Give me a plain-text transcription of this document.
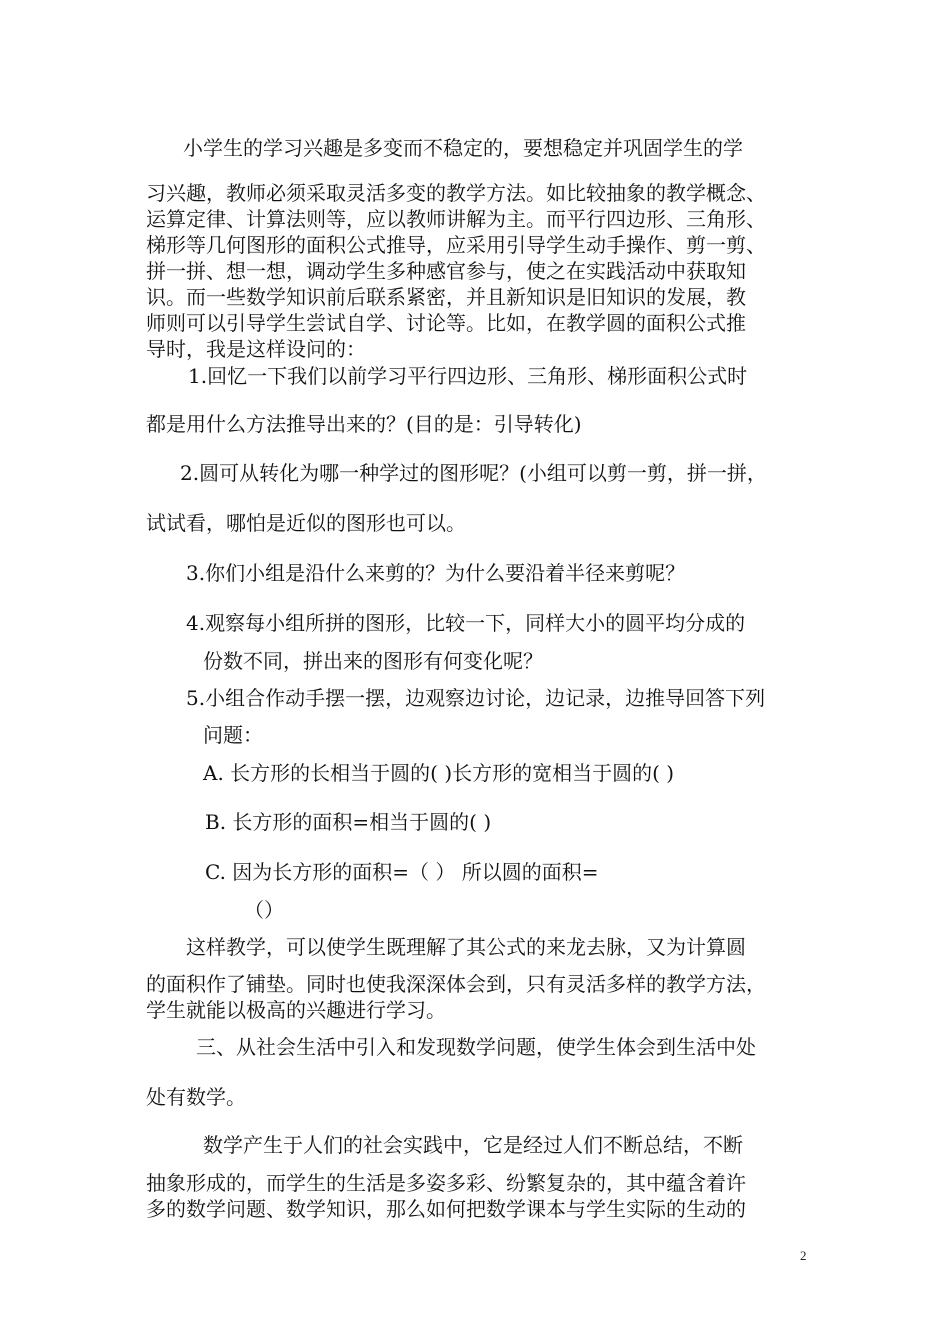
小学生的学习兴趣是多变而不稳定的，要想稳定并巩固学生的学
习兴趣，教师必须采取灵活多变的教学方法。如比较抽象的教学概念、
运算定律、计算法则等，应以教师讲解为主。而平行四边形、三角形、
梯形等几何图形的面积公式推导，应采用引导学生动手操作、剪一剪、
拼一拼、想一想，调动学生多种感官参与，使之在实践活动中获取知
识。而一些数学知识前后联系紧密，并且新知识是旧知识的发展，教
师则可以引导学生尝试自学、讨论等。比如，在教学圆的面积公式推
导时，我是这样设问的：
1.回忆一下我们以前学习平行四边形、三角形、梯形面积公式时
都是用什么方法推导出来的？(目的是：引导转化)
2.圆可从转化为哪一种学过的图形呢？(小组可以剪一剪，拼一拼，
试试看，哪怕是近似的图形也可以。
3.你们小组是沿什么来剪的？为什么要沿着半径来剪呢？
4.观察每小组所拼的图形，比较一下，同样大小的圆平均分成的
份数不同，拼出来的图形有何变化呢？
5.小组合作动手摆一摆，边观察边讨论，边记录，边推导回答下列
问题：
A. 长方形的长相当于圆的( )长方形的宽相当于圆的( )
B. 长方形的面积=相当于圆的( )
C. 因为长方形的面积=（ ） 所以圆的面积=
（）
这样教学，可以使学生既理解了其公式的来龙去脉，又为计算圆
的面积作了铺垫。同时也使我深深体会到，只有灵活多样的教学方法，
学生就能以极高的兴趣进行学习。
三、从社会生活中引入和发现数学问题，使学生体会到生活中处
处有数学。
数学产生于人们的社会实践中，它是经过人们不断总结，不断
抽象形成的，而学生的生活是多姿多彩、纷繁复杂的，其中蕴含着许
多的数学问题、数学知识，那么如何把数学课本与学生实际的生动的
2
